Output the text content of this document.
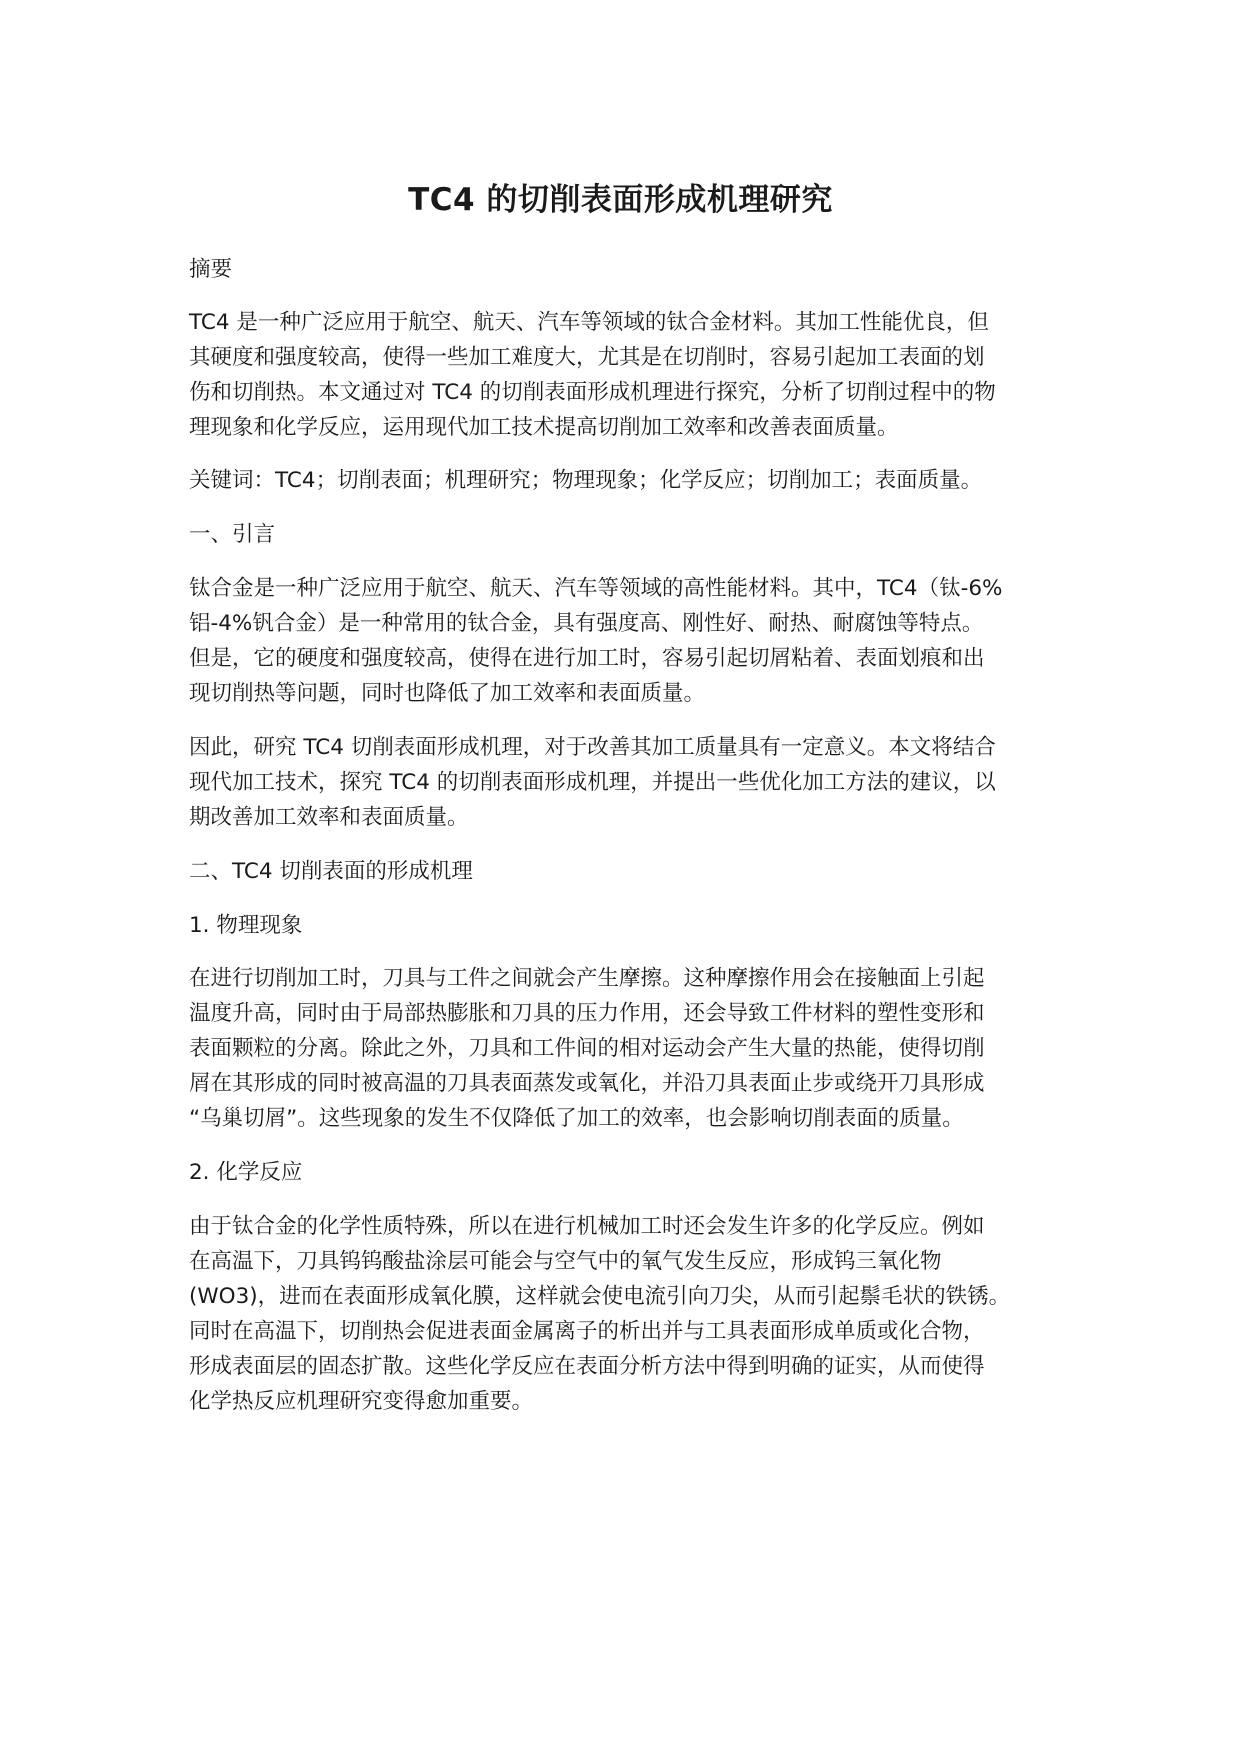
TC4 的切削表面形成机理研究

摘要

TC4 是一种广泛应用于航空、航天、汽车等领域的钛合金材料。其加工性能优良，但

其硬度和强度较高，使得一些加工难度大，尤其是在切削时，容易引起加工表面的划

伤和切削热。本文通过对 TC4 的切削表面形成机理进行探究，分析了切削过程中的物

理现象和化学反应，运用现代加工技术提高切削加工效率和改善表面质量。

关键词：TC4；切削表面；机理研究；物理现象；化学反应；切削加工；表面质量。

一、引言

钛合金是一种广泛应用于航空、航天、汽车等领域的高性能材料。其中，TC4（钛-6%

铝-4%钒合金）是一种常用的钛合金，具有强度高、刚性好、耐热、耐腐蚀等特点。

但是，它的硬度和强度较高，使得在进行加工时，容易引起切屑粘着、表面划痕和出

现切削热等问题，同时也降低了加工效率和表面质量。

因此，研究 TC4 切削表面形成机理，对于改善其加工质量具有一定意义。本文将结合

现代加工技术，探究 TC4 的切削表面形成机理，并提出一些优化加工方法的建议，以

期改善加工效率和表面质量。

二、TC4 切削表面的形成机理

1. 物理现象

在进行切削加工时，刀具与工件之间就会产生摩擦。这种摩擦作用会在接触面上引起

温度升高，同时由于局部热膨胀和刀具的压力作用，还会导致工件材料的塑性变形和

表面颗粒的分离。除此之外，刀具和工件间的相对运动会产生大量的热能，使得切削

屑在其形成的同时被高温的刀具表面蒸发或氧化，并沿刀具表面止步或绕开刀具形成

“乌巢切屑”。这些现象的发生不仅降低了加工的效率，也会影响切削表面的质量。

2. 化学反应

由于钛合金的化学性质特殊，所以在进行机械加工时还会发生许多的化学反应。例如

在高温下，刀具钨钨酸盐涂层可能会与空气中的氧气发生反应，形成钨三氧化物

(WO3)，进而在表面形成氧化膜，这样就会使电流引向刀尖，从而引起鬃毛状的铁锈。

同时在高温下，切削热会促进表面金属离子的析出并与工具表面形成单质或化合物，

形成表面层的固态扩散。这些化学反应在表面分析方法中得到明确的证实，从而使得

化学热反应机理研究变得愈加重要。
